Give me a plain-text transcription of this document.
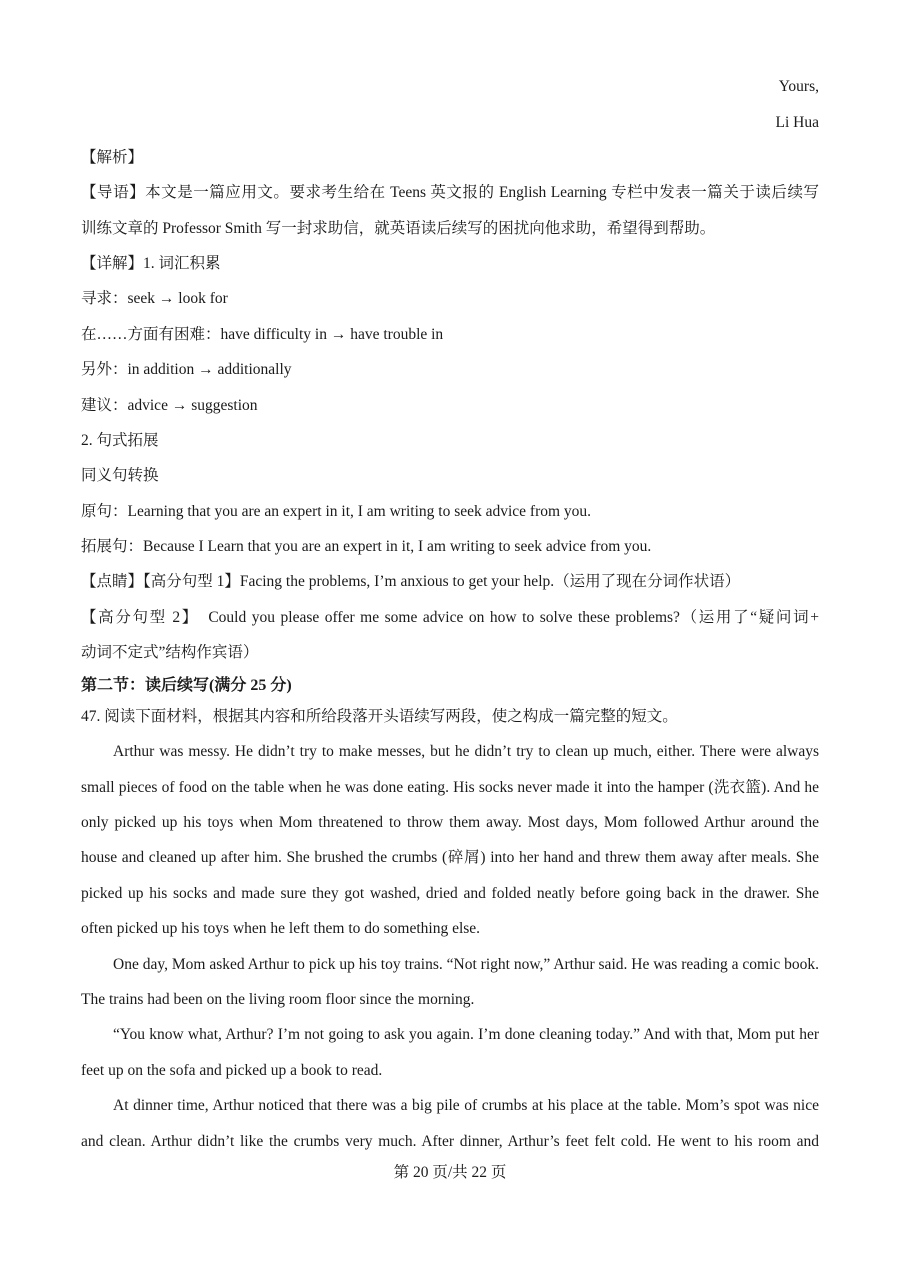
Yours,
Li Hua
【解析】
【导语】本文是一篇应用文。要求考生给在 Teens 英文报的 English Learning 专栏中发表一篇关于读后续写
训练文章的 Professor Smith 写一封求助信，就英语读后续写的困扰向他求助，希望得到帮助。
【详解】1. 词汇积累
寻求：seek → look for
在……方面有困难：have difficulty in → have trouble in
另外：in addition → additionally
建议：advice → suggestion
2. 句式拓展
同义句转换
原句：Learning that you are an expert in it, I am writing to seek advice from you.
拓展句：Because I Learn that you are an expert in it, I am writing to seek advice from you.
【点睛】【高分句型 1】Facing the problems, I’m anxious to get your help.（运用了现在分词作状语）
【高分句型 2】　Could you please offer me some advice on how to solve these problems?（运用了“疑问词+
动词不定式”结构作宾语）
第二节：读后续写(满分 25 分)
47. 阅读下面材料，根据其内容和所给段落开头语续写两段，使之构成一篇完整的短文。
Arthur was messy. He didn’t try to make messes, but he didn’t try to clean up much, either. There were always
small pieces of food on the table when he was done eating. His socks never made it into the hamper (洗衣篮). And he
only picked up his toys when Mom threatened to throw them away. Most days, Mom followed Arthur around the
house and cleaned up after him. She brushed the crumbs (碎屑) into her hand and threw them away after meals. She
picked up his socks and made sure they got washed, dried and folded neatly before going back in the drawer. She
often picked up his toys when he left them to do something else.
One day, Mom asked Arthur to pick up his toy trains. “Not right now,” Arthur said. He was reading a comic book.
The trains had been on the living room floor since the morning.
“You know what, Arthur? I’m not going to ask you again. I’m done cleaning today.” And with that, Mom put her
feet up on the sofa and picked up a book to read.
At dinner time, Arthur noticed that there was a big pile of crumbs at his place at the table. Mom’s spot was nice
and clean. Arthur didn’t like the crumbs very much. After dinner, Arthur’s feet felt cold. He went to his room and
第 20 页/共 22 页
